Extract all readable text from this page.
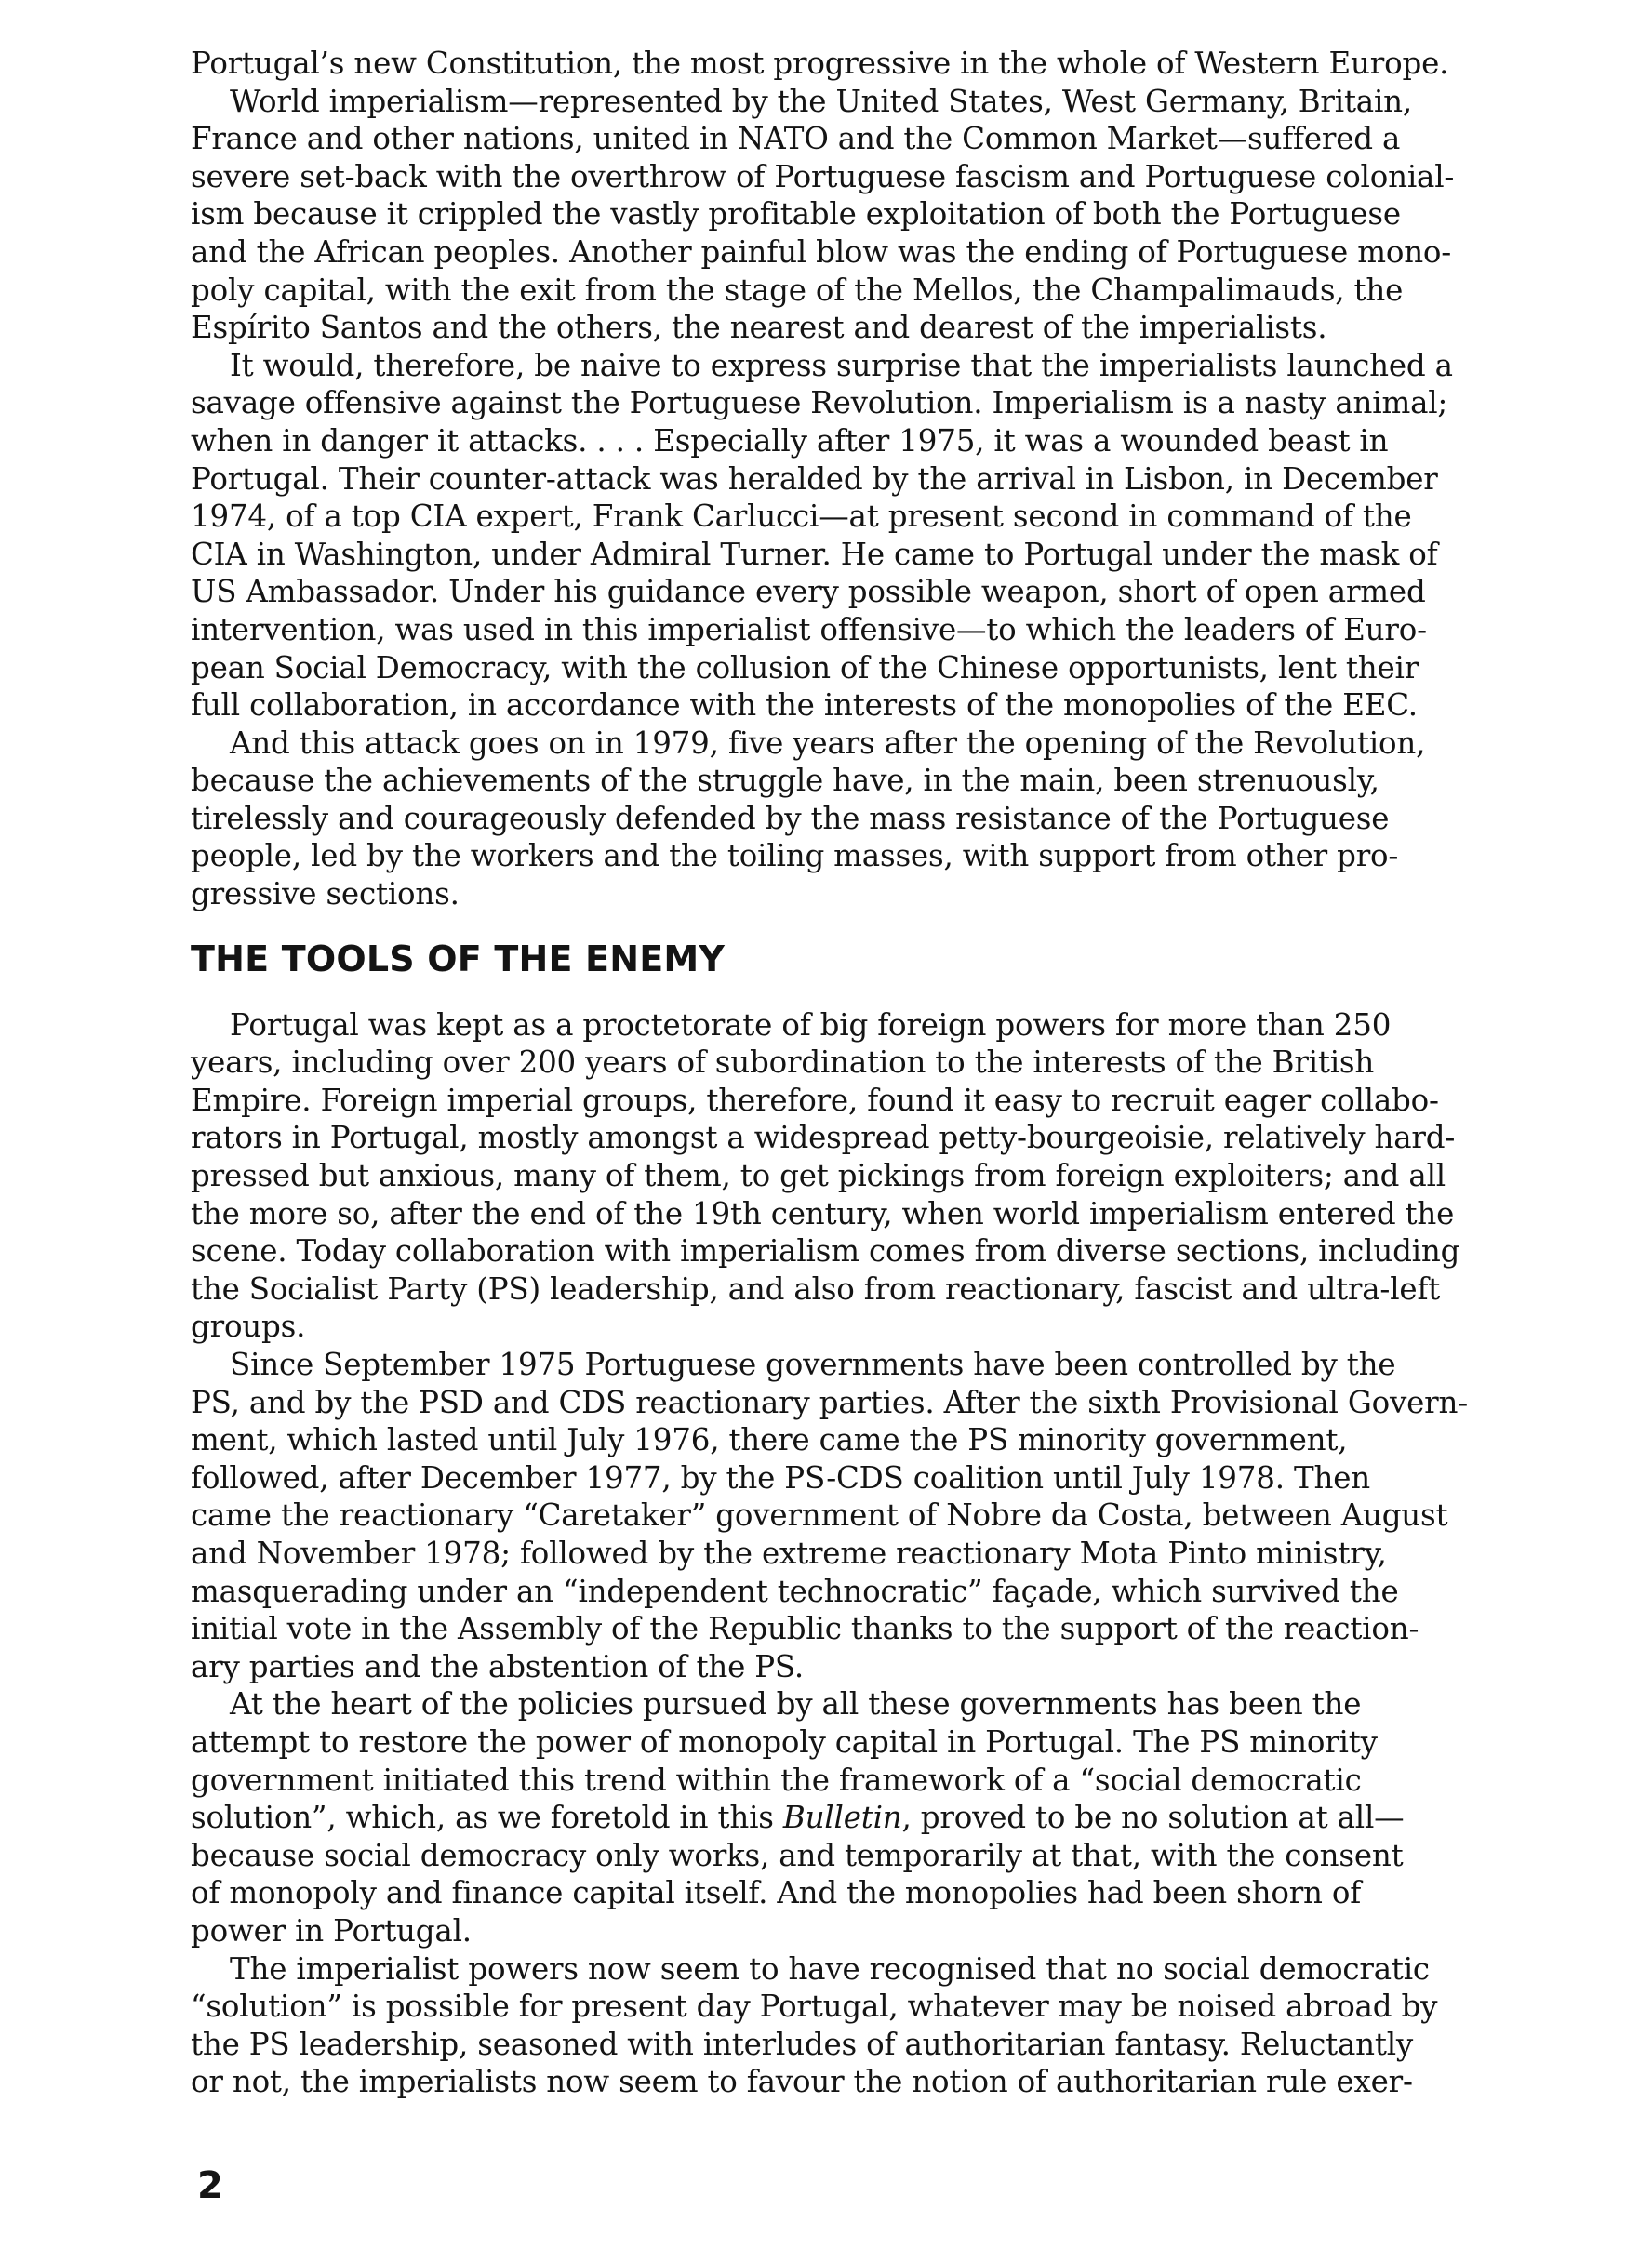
Portugal’s new Constitution, the most progressive in the whole of Western Europe.

World imperialism—represented by the United States, West Germany, Britain,
France and other nations, united in NATO and the Common Market—suffered a
severe set-back with the overthrow of Portuguese fascism and Portuguese colonial-
ism because it crippled the vastly profitable exploitation of both the Portuguese
and the African peoples. Another painful blow was the ending of Portuguese mono-
poly capital, with the exit from the stage of the Mellos, the Champalimauds, the
Espírito Santos and the others, the nearest and dearest of the imperialists.

It would, therefore, be naive to express surprise that the imperialists launched a
savage offensive against the Portuguese Revolution. Imperialism is a nasty animal;
when in danger it attacks. . . . Especially after 1975, it was a wounded beast in
Portugal. Their counter-attack was heralded by the arrival in Lisbon, in December
1974, of a top CIA expert, Frank Carlucci—at present second in command of the
CIA in Washington, under Admiral Turner. He came to Portugal under the mask of
US Ambassador. Under his guidance every possible weapon, short of open armed
intervention, was used in this imperialist offensive—to which the leaders of Euro-
pean Social Democracy, with the collusion of the Chinese opportunists, lent their
full collaboration, in accordance with the interests of the monopolies of the EEC.

And this attack goes on in 1979, five years after the opening of the Revolution,
because the achievements of the struggle have, in the main, been strenuously,
tirelessly and courageously defended by the mass resistance of the Portuguese
people, led by the workers and the toiling masses, with support from other pro-
gressive sections.

THE TOOLS OF THE ENEMY

Portugal was kept as a proctetorate of big foreign powers for more than 250
years, including over 200 years of subordination to the interests of the British
Empire. Foreign imperial groups, therefore, found it easy to recruit eager collabo-
rators in Portugal, mostly amongst a widespread petty-bourgeoisie, relatively hard-
pressed but anxious, many of them, to get pickings from foreign exploiters; and all
the more so, after the end of the 19th century, when world imperialism entered the
scene. Today collaboration with imperialism comes from diverse sections, including
the Socialist Party (PS) leadership, and also from reactionary, fascist and ultra-left
groups.

Since September 1975 Portuguese governments have been controlled by the
PS, and by the PSD and CDS reactionary parties. After the sixth Provisional Govern-
ment, which lasted until July 1976, there came the PS minority government,
followed, after December 1977, by the PS-CDS coalition until July 1978. Then
came the reactionary “Caretaker” government of Nobre da Costa, between August
and November 1978; followed by the extreme reactionary Mota Pinto ministry,
masquerading under an “independent technocratic” façade, which survived the
initial vote in the Assembly of the Republic thanks to the support of the reaction-
ary parties and the abstention of the PS.

At the heart of the policies pursued by all these governments has been the
attempt to restore the power of monopoly capital in Portugal. The PS minority
government initiated this trend within the framework of a “social democratic
solution”, which, as we foretold in this Bulletin, proved to be no solution at all—
because social democracy only works, and temporarily at that, with the consent
of monopoly and finance capital itself. And the monopolies had been shorn of
power in Portugal.

The imperialist powers now seem to have recognised that no social democratic
“solution” is possible for present day Portugal, whatever may be noised abroad by
the PS leadership, seasoned with interludes of authoritarian fantasy. Reluctantly
or not, the imperialists now seem to favour the notion of authoritarian rule exer-

2
